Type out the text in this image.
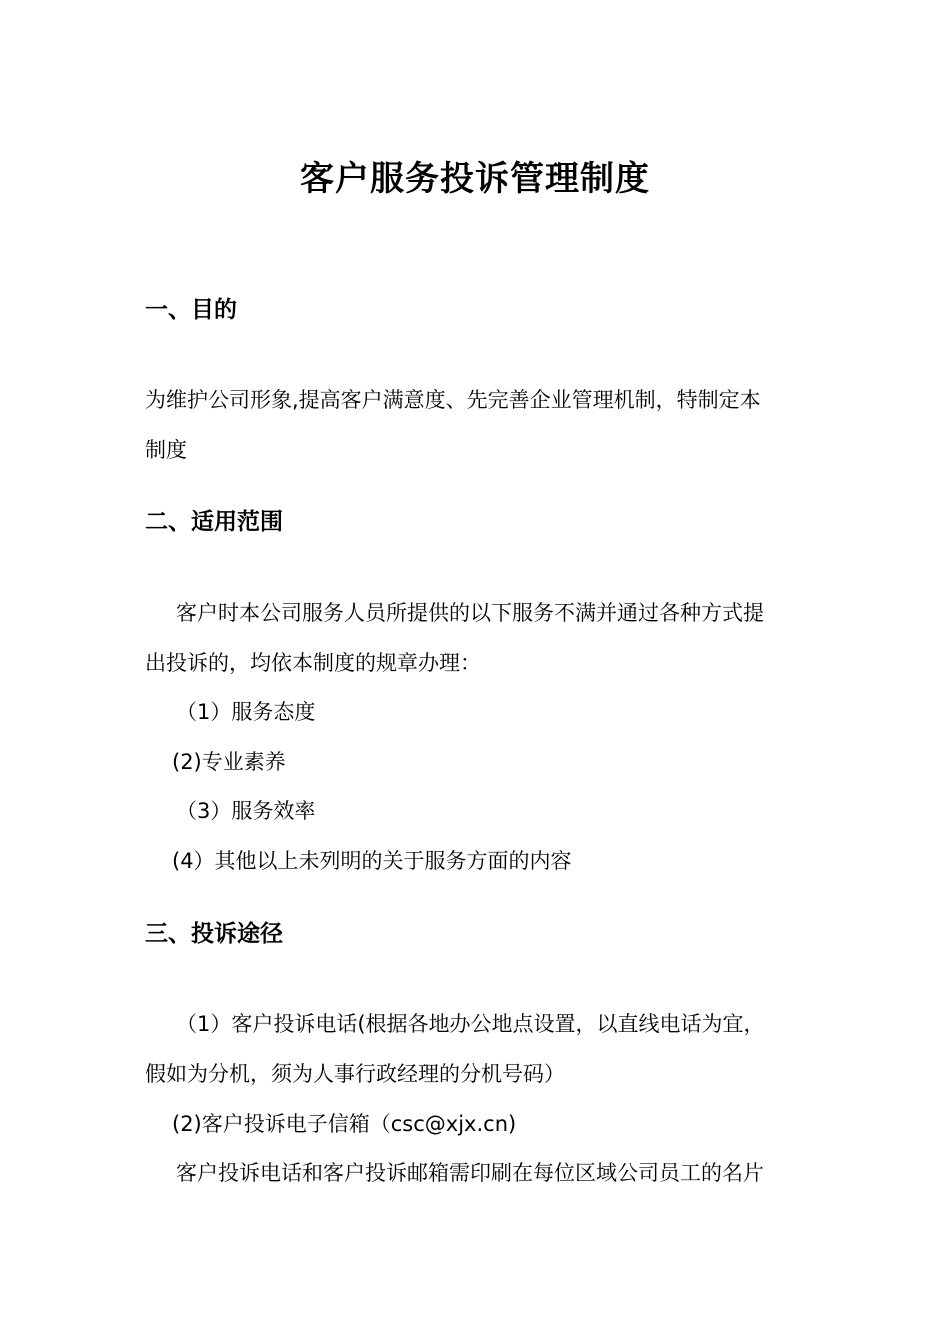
客户服务投诉管理制度
一、目的
为维护公司形象,提高客户满意度、先完善企业管理机制，特制定本
制度
二、适用范围
客户时本公司服务人员所提供的以下服务不满并通过各种方式提
出投诉的，均依本制度的规章办理：
（1）服务态度
(2)专业素养
（3）服务效率
(4）其他以上未列明的关于服务方面的内容
三、投诉途径
（1）客户投诉电话(根据各地办公地点设置，以直线电话为宜，
假如为分机，须为人事行政经理的分机号码）
(2)客户投诉电子信箱（csc@xjx.cn)
客户投诉电话和客户投诉邮箱需印刷在每位区域公司员工的名片
